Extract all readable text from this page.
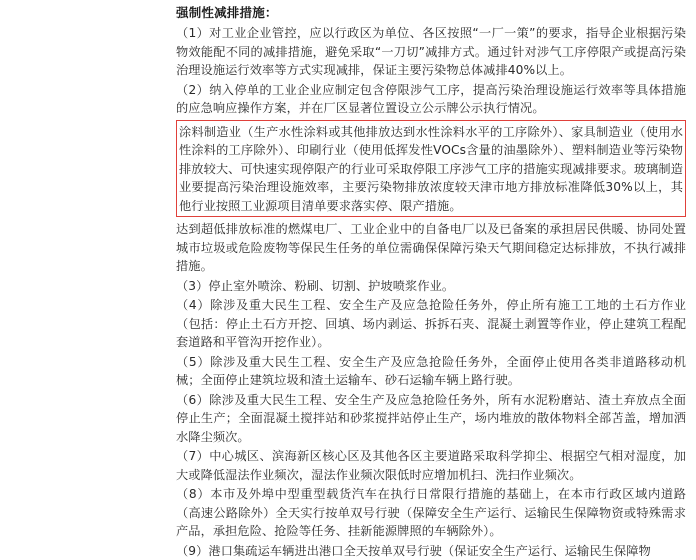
强制性减排措施：
（1）对工业企业管控，应以行政区为单位、各区按照“一厂一策”的要求，指导企业根据污染物效能配不同的减排措施，避免采取“一刀切”减排方式。通过针对涉气工序停限产或提高污染治理设施运行效率等方式实现减排，保证主要污染物总体减排40%以上。
（2）纳入停单的工业企业应制定包含停限涉气工序，提高污染治理设施运行效率等具体措施的应急响应操作方案，并在厂区显著位置设立公示牌公示执行情况。
涂料制造业（生产水性涂料或其他排放达到水性涂料水平的工序除外）、家具制造业（使用水性涂料的工序除外）、印刷行业（使用低挥发性VOCs含量的油墨除外）、塑料制造业等污染物排放较大、可快速实现停限产的行业可采取停限工序涉气工序的措施实现减排要求。玻璃制造业要提高污染治理设施效率，主要污染物排放浓度较天津市地方排放标准降低30%以上，其他行业按照工业源项目清单要求落实停、限产措施。
达到超低排放标准的燃煤电厂、工业企业中的自备电厂以及已备案的承担居民供暖、协同处置城市垃圾或危险废物等保民生任务的单位需确保保障污染天气期间稳定达标排放，不执行减排措施。
（3）停止室外喷涂、粉刷、切割、护坡喷浆作业。
（4）除涉及重大民生工程、安全生产及应急抢险任务外，停止所有施工工地的土石方作业（包括：停止土石方开挖、回填、场内剥运、拆拆石夹、混凝土剥置等作业，停止建筑工程配套道路和平管沟开挖作业）。
（5）除涉及重大民生工程、安全生产及应急抢险任务外，全面停止使用各类非道路移动机械；全面停止建筑垃圾和渣土运输车、砂石运输车辆上路行驶。
（6）除涉及重大民生工程、安全生产及应急抢险任务外，所有水泥粉磨站、渣土弃放点全面停止生产；全面混凝土搅拌站和砂浆搅拌站停止生产，场内堆放的散体物料全部苫盖，增加洒水降尘频次。
（7）中心城区、滨海新区核心区及其他各区主要道路采取科学抑尘、根据空气相对湿度，加大或降低湿法作业频次，湿法作业频次限低时应增加机扫、洗扫作业频次。
（8）本市及外埠中型重型载货汽车在执行日常限行措施的基础上，在本市行政区域内道路（高速公路除外）全天实行按单双号行驶（保障安全生产运行、运输民生保障物资或特殊需求产品，承担危险、抢险等任务、挂新能源牌照的车辆除外）。
（9）港口集疏运车辆进出港口全天按单双号行驶（保证安全生产运行、运输民生保障物
